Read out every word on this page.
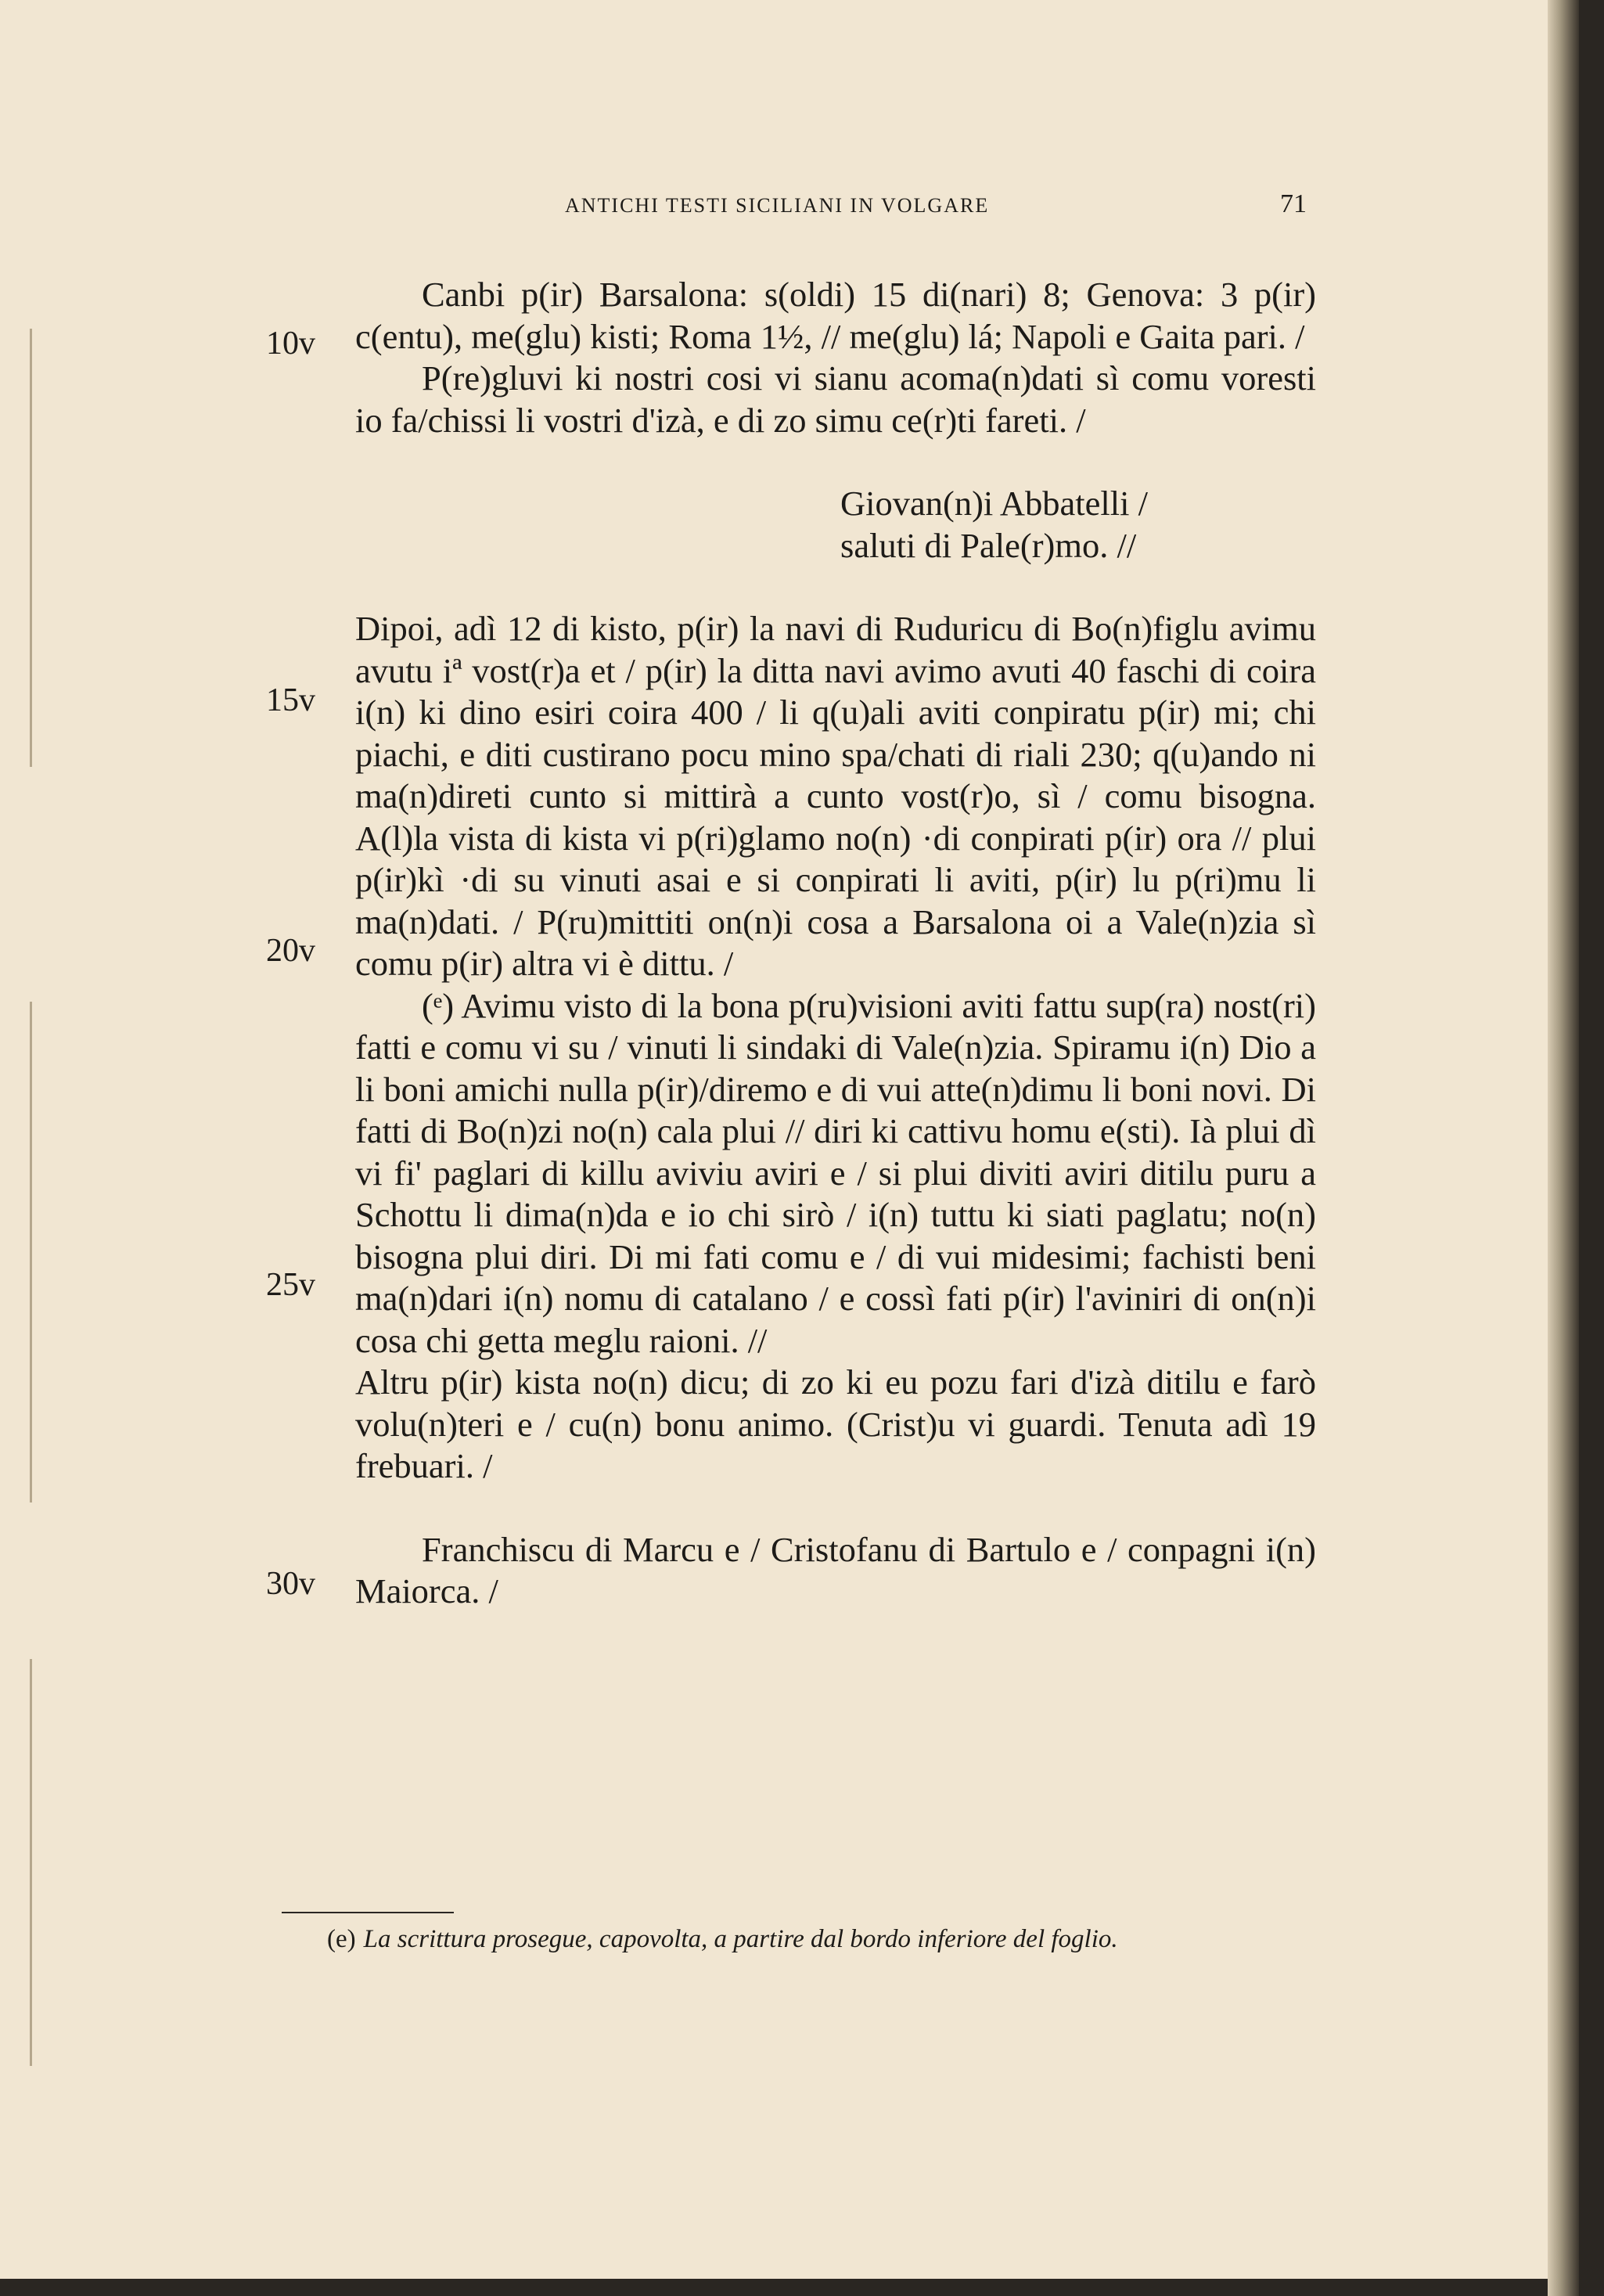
ANTICHI TESTI SICILIANI IN VOLGARE	71
10v
15v
20v
25v
30v

Canbi p(ir) Barsalona: s(oldi) 15 di(nari) 8; Genova: 3 p(ir) c(entu), me(glu) kisti; Roma 1½, // me(glu) lá; Napoli e Gaita pari. /

P(re)gluvi ki nostri cosi vi sianu acoma(n)dati sì comu voresti io fa/chissi li vostri d'izà, e di zo simu ce(r)ti fareti. /

Giovan(n)i Abbatelli /

saluti di Pale(r)mo. //

Dipoi, adì 12 di kisto, p(ir) la navi di Ruduricu di Bo(n)figlu avimu avutu iª vost(r)a et / p(ir) la ditta navi avimo avuti 40 faschi di coira i(n) ki dino esiri coira 400 / li q(u)ali aviti conpiratu p(ir) mi; chi piachi, e diti custirano pocu mino spa/chati di riali 230; q(u)ando ni ma(n)direti cunto si mittirà a cunto vost(r)o, sì / comu bisogna. A(l)la vista di kista vi p(ri)glamo no(n) ·di conpirati p(ir) ora // plui p(ir)kì ·di su vinuti asai e si conpirati li aviti, p(ir) lu p(ri)mu li ma(n)dati. / P(ru)mittiti on(n)i cosa a Barsalona oi a Vale(n)zia sì comu p(ir) altra vi è dittu. /

(ᵉ) Avimu visto di la bona p(ru)visioni aviti fattu sup(ra) nost(ri) fatti e comu vi su / vinuti li sindaki di Vale(n)zia. Spiramu i(n) Dio a li boni amichi nulla p(ir)/diremo e di vui atte(n)dimu li boni novi. Di fatti di Bo(n)zi no(n) cala plui // diri ki cattivu homu e(sti). Ià plui dì vi fi' paglari di killu aviviu aviri e / si plui diviti aviri ditilu puru a Schottu li dima(n)da e io chi sirò / i(n) tuttu ki siati paglatu; no(n) bisogna plui diri. Di mi fati comu e / di vui midesimi; fachisti beni ma(n)dari i(n) nomu di catalano / e cossì fati p(ir) l'aviniri di on(n)i cosa chi getta meglu raioni. //

Altru p(ir) kista no(n) dicu; di zo ki eu pozu fari d'izà ditilu e farò volu(n)teri e / cu(n) bonu animo. (Crist)u vi guardi. Tenuta adì 19 frebuari. /

Franchiscu di Marcu e / Cristofanu di Bartulo e / conpagni i(n) Maiorca. /

(e) La scrittura prosegue, capovolta, a partire dal bordo inferiore del foglio.
